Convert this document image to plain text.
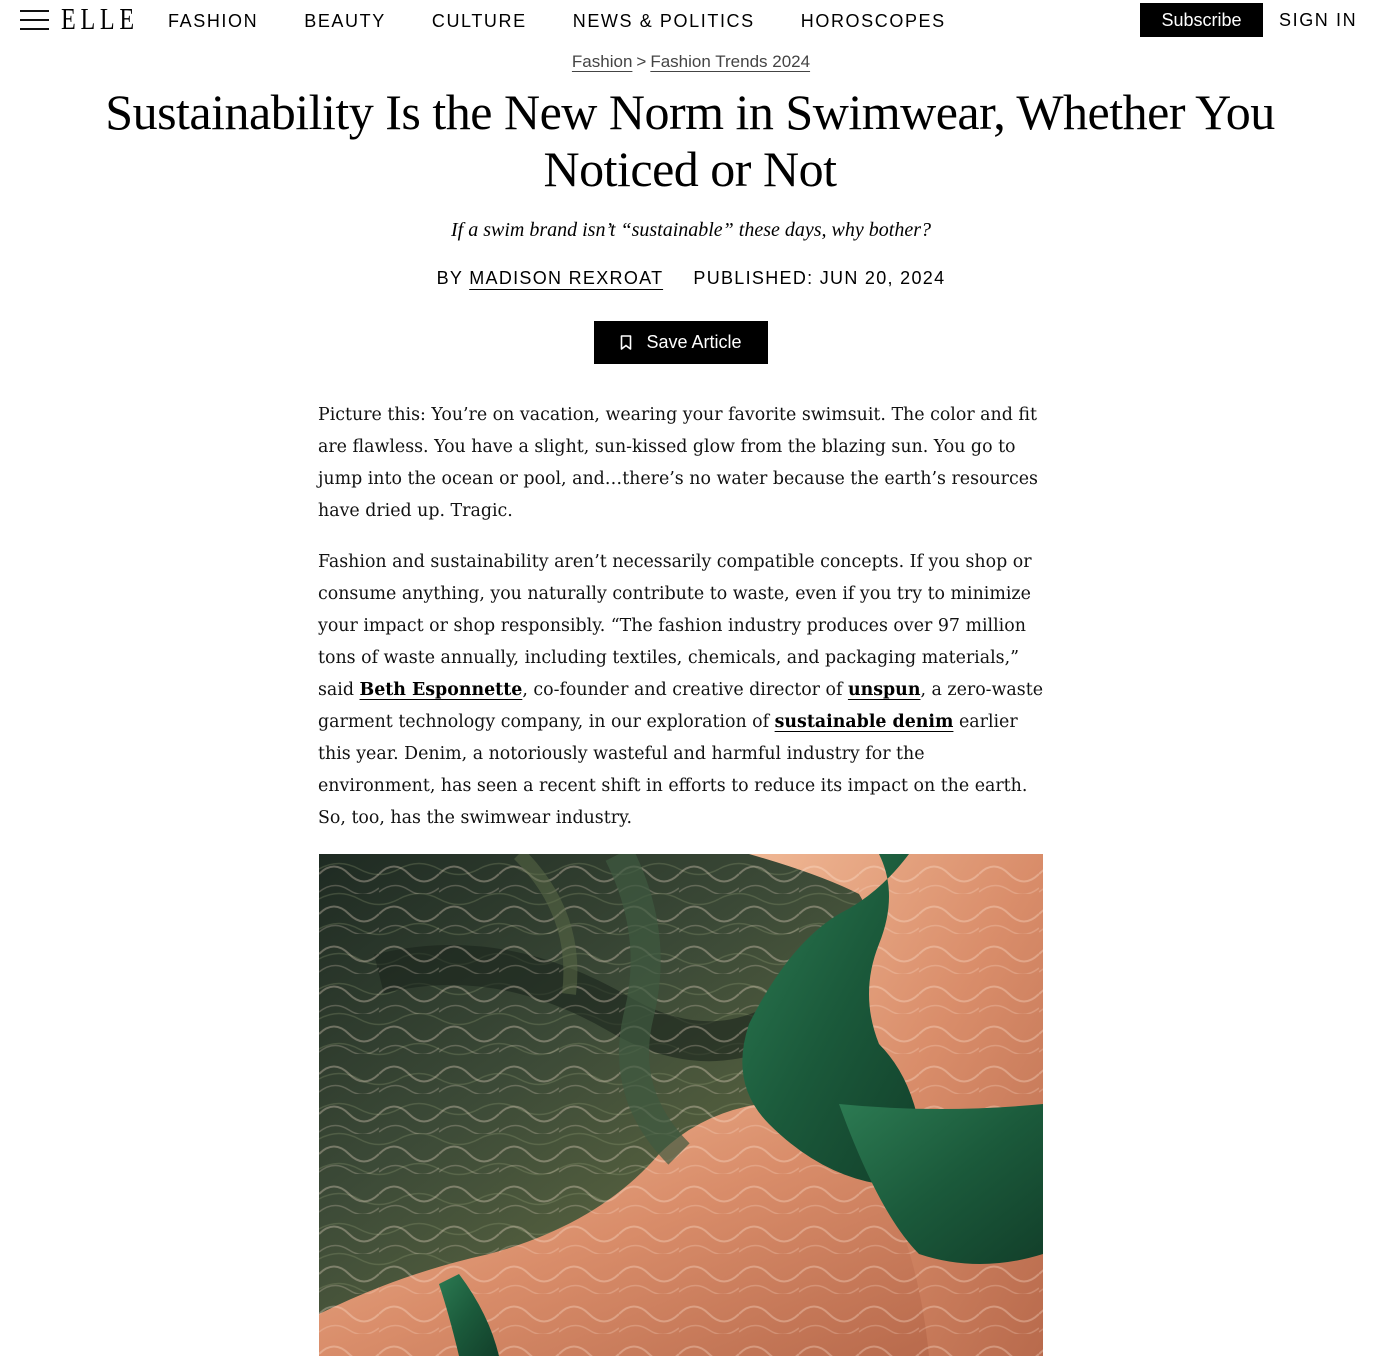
ELLE FASHION	BEAUTY	CULTURE	NEWS & POLITICS	HOROSCOPES	Subscribe	SIGN IN
Fashion > Fashion Trends 2024
Sustainability Is the New Norm in Swimwear, Whether You Noticed or Not

If a swim brand isn’t “sustainable” these days, why bother?

BY MADISON REXROAT PUBLISHED: JUN 20, 2024
Save Article

Picture this: You’re on vacation, wearing your favorite swimsuit. The color and fit are flawless. You have a slight, sun-kissed glow from the blazing sun. You go to jump into the ocean or pool, and…there’s no water because the earth’s resources have dried up. Tragic.

Fashion and sustainability aren’t necessarily compatible concepts. If you shop or consume anything, you naturally contribute to waste, even if you try to minimize your impact or shop responsibly. “The fashion industry produces over 97 million tons of waste annually, including textiles, chemicals, and packaging materials,” said Beth Esponnette, co-founder and creative director of unspun, a zero-waste garment technology company, in our exploration of sustainable denim earlier this year. Denim, a notoriously wasteful and harmful industry for the environment, has seen a recent shift in efforts to reduce its impact on the earth. So, too, has the swimwear industry.
